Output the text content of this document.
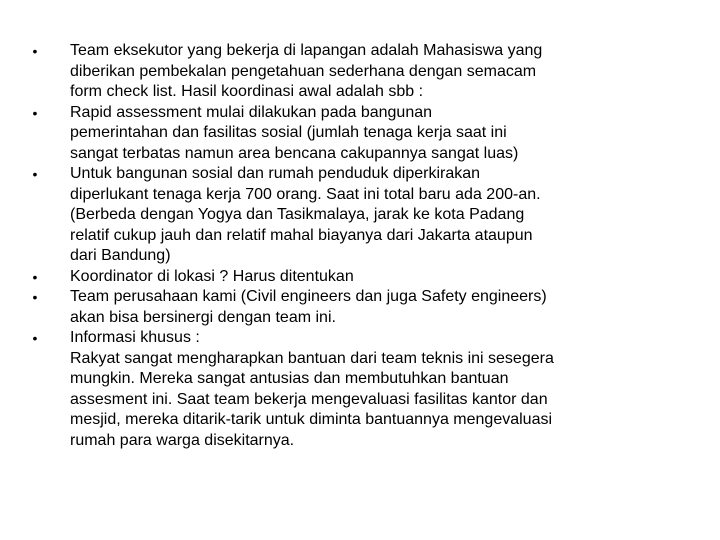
• Team eksekutor yang bekerja di lapangan adalah Mahasiswa yang
diberikan pembekalan pengetahuan sederhana dengan semacam
form check list. Hasil koordinasi awal adalah sbb :
• Rapid assessment mulai dilakukan pada bangunan
pemerintahan dan fasilitas sosial (jumlah tenaga kerja saat ini
sangat terbatas namun area bencana cakupannya sangat luas)
• Untuk bangunan sosial dan rumah penduduk diperkirakan
diperlukant tenaga kerja 700 orang. Saat ini total baru ada 200-an.
(Berbeda dengan Yogya dan Tasikmalaya, jarak ke kota Padang
relatif cukup jauh dan relatif mahal biayanya dari Jakarta ataupun
dari Bandung)
• Koordinator di lokasi ? Harus ditentukan
• Team perusahaan kami (Civil engineers dan juga Safety engineers)
akan bisa bersinergi dengan team ini.
• Informasi khusus :
Rakyat sangat mengharapkan bantuan dari team teknis ini sesegera
mungkin. Mereka sangat antusias dan membutuhkan bantuan
assesment ini. Saat team bekerja mengevaluasi fasilitas kantor dan
mesjid, mereka ditarik-tarik untuk diminta bantuannya mengevaluasi
rumah para warga disekitarnya.
